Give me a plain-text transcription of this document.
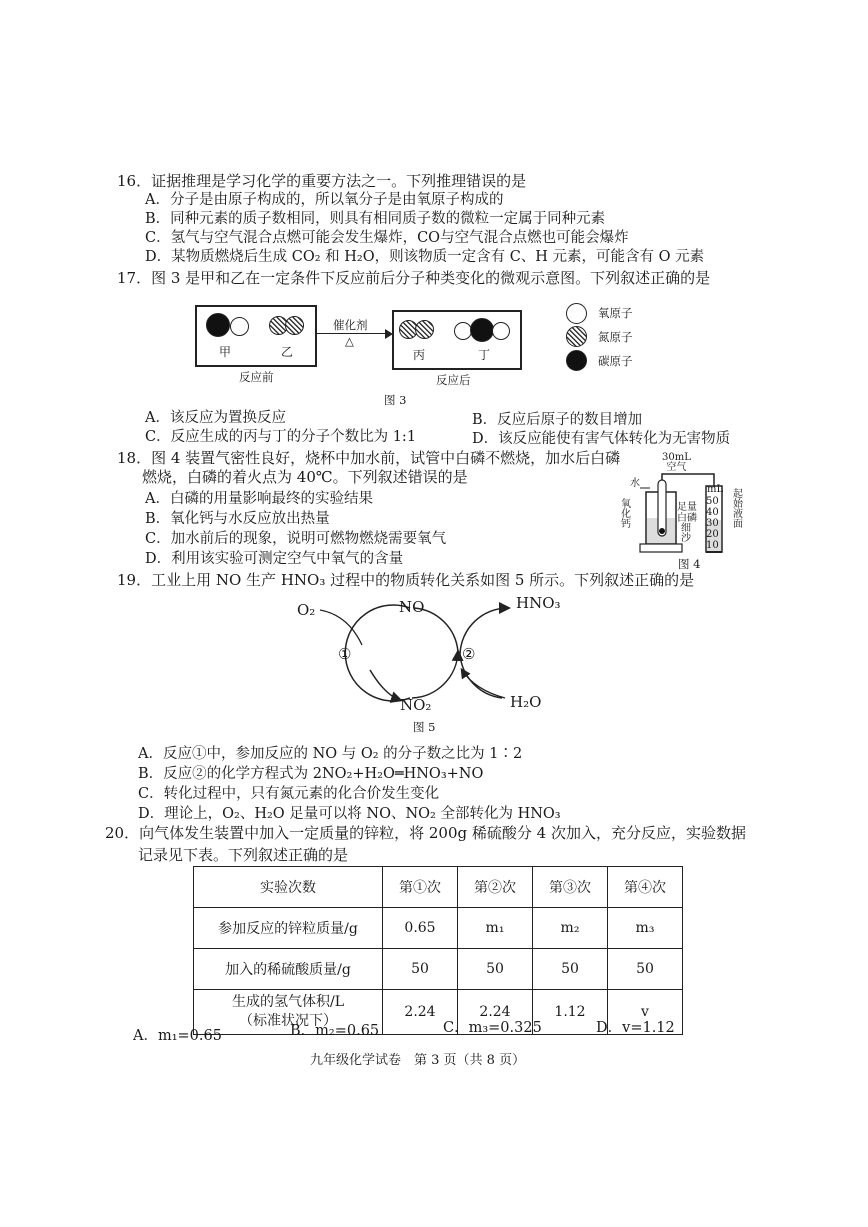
16．证据推理是学习化学的重要方法之一。下列推理错误的是
A．分子是由原子构成的，所以氧分子是由氧原子构成的
B．同种元素的质子数相同，则具有相同质子数的微粒一定属于同种元素
C．氢气与空气混合点燃可能会发生爆炸，CO与空气混合点燃也可能会爆炸
D．某物质燃烧后生成 CO₂ 和 H₂O，则该物质一定含有 C、H 元素，可能含有 O 元素
17．图 3 是甲和乙在一定条件下反应前后分子种类变化的微观示意图。下列叙述正确的是
甲	乙
催化剂
△
丙	丁
反应前	反应后
氧原子
氮原子
碳原子
图 3
A．该反应为置换反应	B．反应后原子的数目增加
C．反应生成的丙与丁的分子个数比为 1:1	D．该反应能使有害气体转化为无害物质
18．图 4 装置气密性良好，烧杯中加水前，试管中白磷不燃烧，加水后白磷
燃烧，白磷的着火点为 40℃。下列叙述错误的是
A．白磷的用量影响最终的实验结果
B．氧化钙与水反应放出热量
C．加水前后的现象，说明可燃物燃烧需要氧气
D．利用该实验可测定空气中氧气的含量
30mL
空气
水
mL
足量
白磷
氧
化
钙	细
沙
50
40
30
20
10
起
始
液
面
图 4
19．工业上用 NO 生产 HNO₃ 过程中的物质转化关系如图 5 所示。下列叙述正确的是
O₂	NO	HNO₃
①	②
NO₂	H₂O
图 5
A．反应①中，参加反应的 NO 与 O₂ 的分子数之比为 1∶2
B．反应②的化学方程式为 2NO₂+H₂O═HNO₃+NO
C．转化过程中，只有氮元素的化合价发生变化
D．理论上，O₂、H₂O 足量可以将 NO、NO₂ 全部转化为 HNO₃
20．向气体发生装置中加入一定质量的锌粒，将 200g 稀硫酸分 4 次加入，充分反应，实验数据
记录见下表。下列叙述正确的是
实验次数	第①次	第②次	第③次	第④次
参加反应的锌粒质量/g	0.65	m₁	m₂	m₃
加入的稀硫酸质量/g	50	50	50	50

生成的氢气体积/L
（标准状况下）	2.24	2.24	1.12	v
A．m₁=0.65	B．m₂=0.65	C．m₃=0.325	D．v=1.12
九年级化学试卷　第 3 页（共 8 页）
